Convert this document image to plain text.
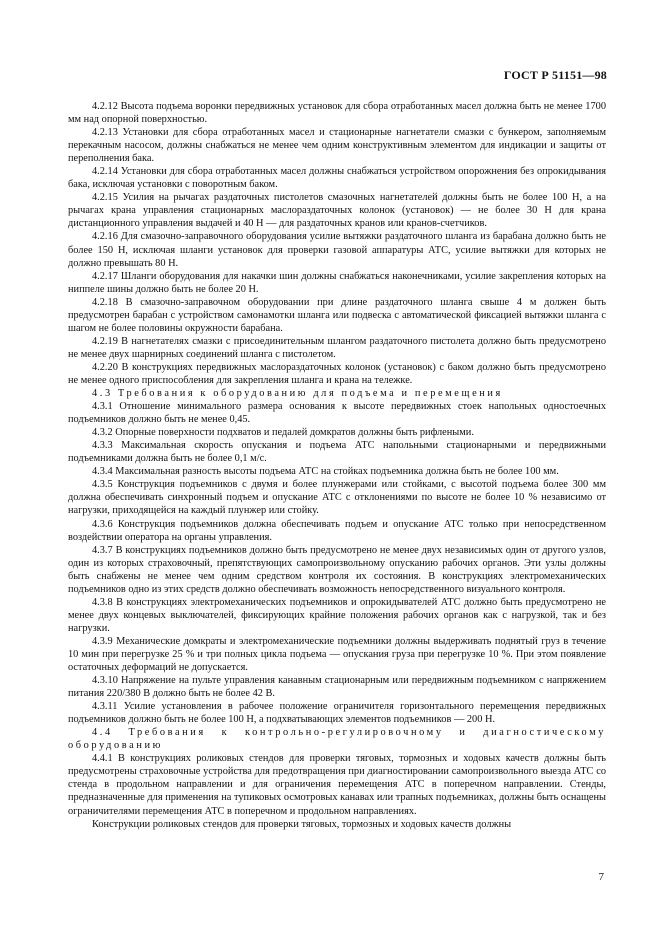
ГОСТ Р 51151—98
4.2.12 Высота подъема воронки передвижных установок для сбора отработанных масел должна быть не менее 1700 мм над опорной поверхностью.
4.2.13 Установки для сбора отработанных масел и стационарные нагнетатели смазки с бункером, заполняемым перекачным насосом, должны снабжаться не менее чем одним конструктивным элементом для индикации и защиты от переполнения бака.
4.2.14 Установки для сбора отработанных масел должны снабжаться устройством опорожнения без опрокидывания бака, исключая установки с поворотным баком.
4.2.15 Усилия на рычагах раздаточных пистолетов смазочных нагнетателей должны быть не более 100 Н, а на рычагах крана управления стационарных маслораздаточных колонок (установок) — не более 30 Н для крана дистанционного управления выдачей и 40 Н — для раздаточных кранов или кранов-счетчиков.
4.2.16 Для смазочно-заправочного оборудования усилие вытяжки раздаточного шланга из барабана должно быть не более 150 Н, исключая шланги установок для проверки газовой аппаратуры АТС, усилие вытяжки для которых не должно превышать 80 Н.
4.2.17 Шланги оборудования для накачки шин должны снабжаться наконечниками, усилие закрепления которых на ниппеле шины должно быть не более 20 Н.
4.2.18 В смазочно-заправочном оборудовании при длине раздаточного шланга свыше 4 м должен быть предусмотрен барабан с устройством самонамотки шланга или подвеска с автоматической фиксацией вытяжки шланга с шагом не более половины окружности барабана.
4.2.19 В нагнетателях смазки с присоединительным шлангом раздаточного пистолета должно быть предусмотрено не менее двух шарнирных соединений шланга с пистолетом.
4.2.20 В конструкциях передвижных маслораздаточных колонок (установок) с баком должно быть предусмотрено не менее одного приспособления для закрепления шланга и крана на тележке.
4.3 Требования к оборудованию для подъема и перемещения
4.3.1 Отношение минимального размера основания к высоте передвижных стоек напольных одностоечных подъемников должно быть не менее 0,45.
4.3.2 Опорные поверхности подхватов и педалей домкратов должны быть рифлеными.
4.3.3 Максимальная скорость опускания и подъема АТС напольными стационарными и передвижными подъемниками должна быть не более 0,1 м/с.
4.3.4 Максимальная разность высоты подъема АТС на стойках подъемника должна быть не более 100 мм.
4.3.5 Конструкция подъемников с двумя и более плунжерами или стойками, с высотой подъема более 300 мм должна обеспечивать синхронный подъем и опускание АТС с отклонениями по высоте не более 10 % независимо от нагрузки, приходящейся на каждый плунжер или стойку.
4.3.6 Конструкция подъемников должна обеспечивать подъем и опускание АТС только при непосредственном воздействии оператора на органы управления.
4.3.7 В конструкциях подъемников должно быть предусмотрено не менее двух независимых один от другого узлов, один из которых страховочный, препятствующих самопроизвольному опусканию рабочих органов. Эти узлы должны быть снабжены не менее чем одним средством контроля их состояния. В конструкциях электромеханических подъемников одно из этих средств должно обеспечивать возможность непосредственного визуального контроля.
4.3.8 В конструкциях электромеханических подъемников и опрокидывателей АТС должно быть предусмотрено не менее двух концевых выключателей, фиксирующих крайние положения рабочих органов как с нагрузкой, так и без нагрузки.
4.3.9 Механические домкраты и электромеханические подъемники должны выдерживать поднятый груз в течение 10 мин при перегрузке 25 % и три полных цикла подъема — опускания груза при перегрузке 10 %. При этом появление остаточных деформаций не допускается.
4.3.10 Напряжение на пульте управления канавным стационарным или передвижным подъемником с напряжением питания 220/380 В должно быть не более 42 В.
4.3.11 Усилие установления в рабочее положение ограничителя горизонтального перемещения передвижных подъемников должно быть не более 100 Н, а подхватывающих элементов подъемников — 200 Н.
4.4 Требования к контрольно-регулировочному и диагностическому оборудованию
4.4.1 В конструкциях роликовых стендов для проверки тяговых, тормозных и ходовых качеств должны быть предусмотрены страховочные устройства для предотвращения при диагностировании самопроизвольного выезда АТС со стенда в продольном направлении и для ограничения перемещения АТС в поперечном направлении. Стенды, предназначенные для применения на тупиковых осмотровых канавах или трапных подъемниках, должны быть оснащены ограничителями перемещения АТС в поперечном и продольном направлениях.
Конструкции роликовых стендов для проверки тяговых, тормозных и ходовых качеств должны
7
